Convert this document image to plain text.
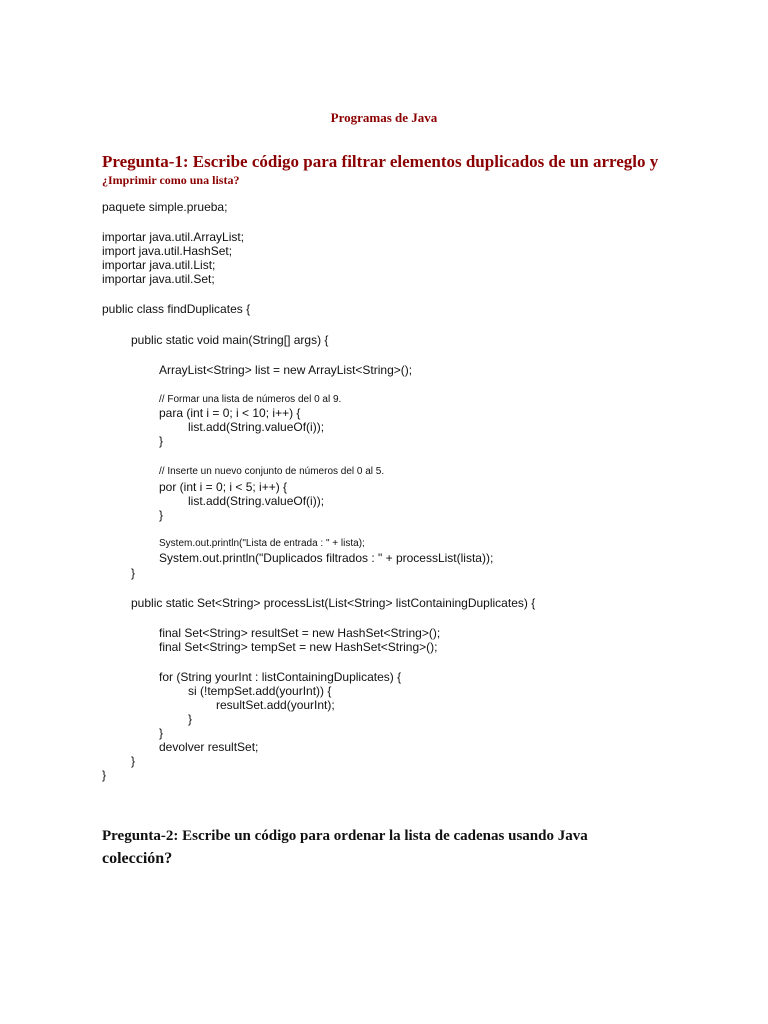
Programas de Java
Pregunta-1: Escribe código para filtrar elementos duplicados de un arreglo y
¿Imprimir como una lista?
paquete simple.prueba;
importar java.util.ArrayList;
import java.util.HashSet;
importar java.util.List;
importar java.util.Set;
public class findDuplicates {
public static void main(String[] args) {
ArrayList<String> list = new ArrayList<String>();
// Formar una lista de números del 0 al 9.
para (int i = 0; i < 10; i++) {
list.add(String.valueOf(i));
}
// Inserte un nuevo conjunto de números del 0 al 5.
por (int i = 0; i < 5; i++) {
list.add(String.valueOf(i));
}
System.out.println("Lista de entrada : " + lista);
System.out.println("Duplicados filtrados : " + processList(lista));
}
public static Set<String> processList(List<String> listContainingDuplicates) {
final Set<String> resultSet = new HashSet<String>();
final Set<String> tempSet = new HashSet<String>();
for (String yourInt : listContainingDuplicates) {
si (!tempSet.add(yourInt)) {
resultSet.add(yourInt);
}
}
devolver resultSet;
}
}
Pregunta-2: Escribe un código para ordenar la lista de cadenas usando Java
colección?
